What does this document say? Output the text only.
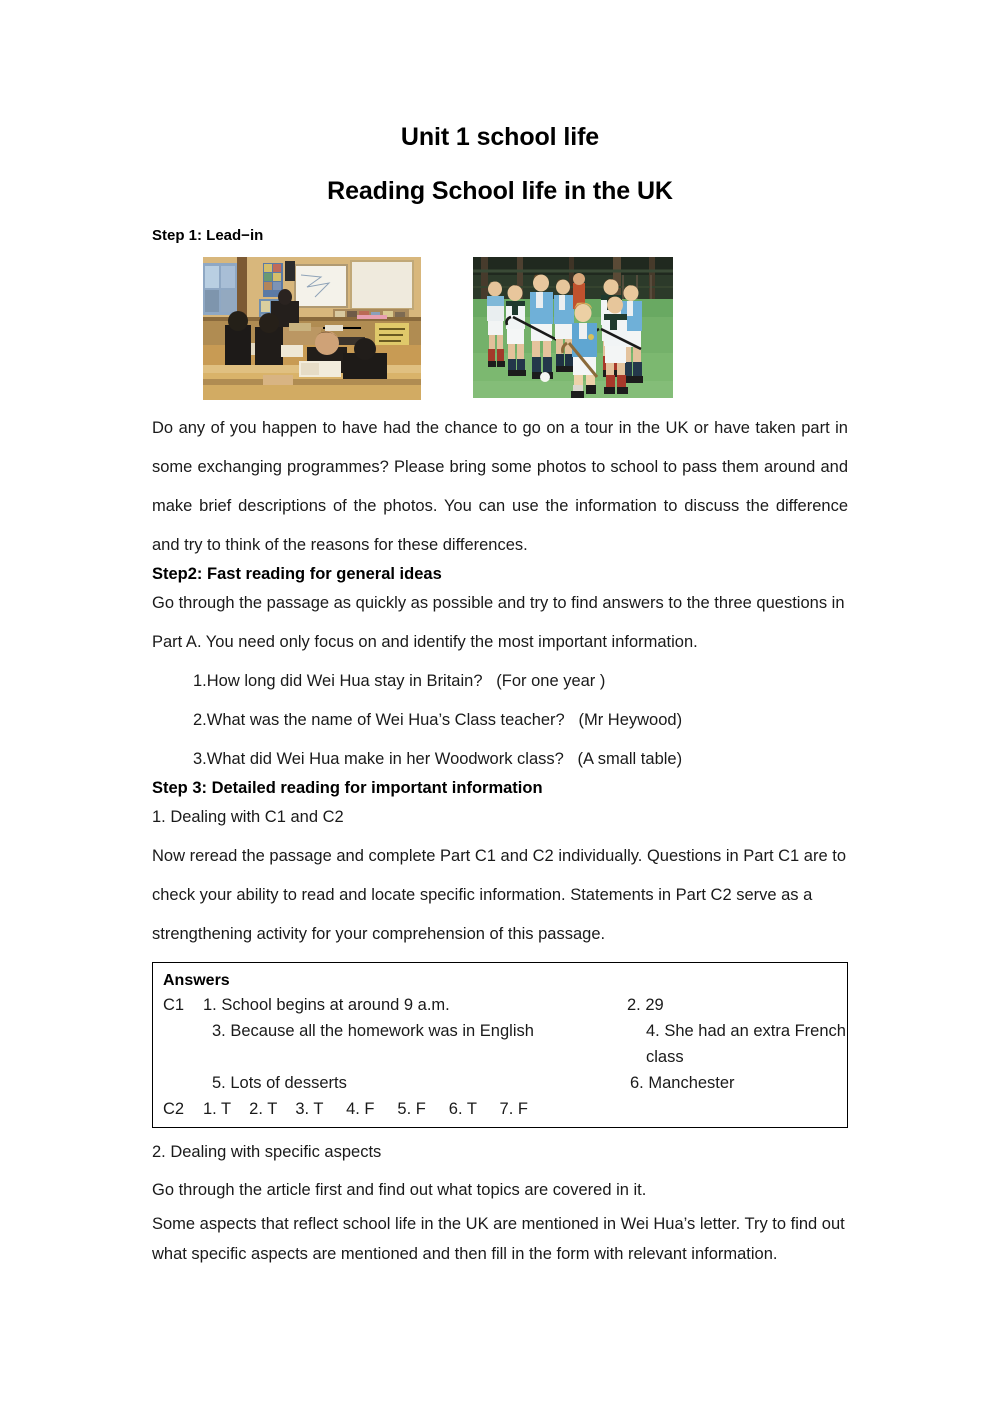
Unit 1 school life
Reading School life in the UK
Step 1: Lead−in

Do any of you happen to have had the chance to go on a tour in the UK or have taken part in some exchanging programmes? Please bring some photos to school to pass them around and make brief descriptions of the photos. You can use the information to discuss the difference and try to think of the reasons for these differences.

Step2: Fast reading for general ideas

Go through the passage as quickly as possible and try to find answers to the three questions in Part A. You need only focus on and identify the most important information.

1.How long did Wei Hua stay in Britain?   (For one year )
2.What was the name of Wei Hua’s Class teacher?   (Mr Heywood)
3.What did Wei Hua make in her Woodwork class?   (A small table)
Step 3: Detailed reading for important information

1. Dealing with C1 and C2

Now reread the passage and complete Part C1 and C2 individually. Questions in Part C1 are to check your ability to read and locate specific information. Statements in Part C2 serve as a strengthening activity for your comprehension of this passage.

Answers
C1	1. School begins at around 9 a.m.	2. 29
3. Because all the homework was in English	4. She had an extra French class
5. Lots of desserts	6. Manchester
C2	1. T    2. T    3. T     4. F     5. F     6. T     7. F

2. Dealing with specific aspects

Go through the article first and find out what topics are covered in it.

Some aspects that reflect school life in the UK are mentioned in Wei Hua’s letter. Try to find out what specific aspects are mentioned and then fill in the form with relevant information.
